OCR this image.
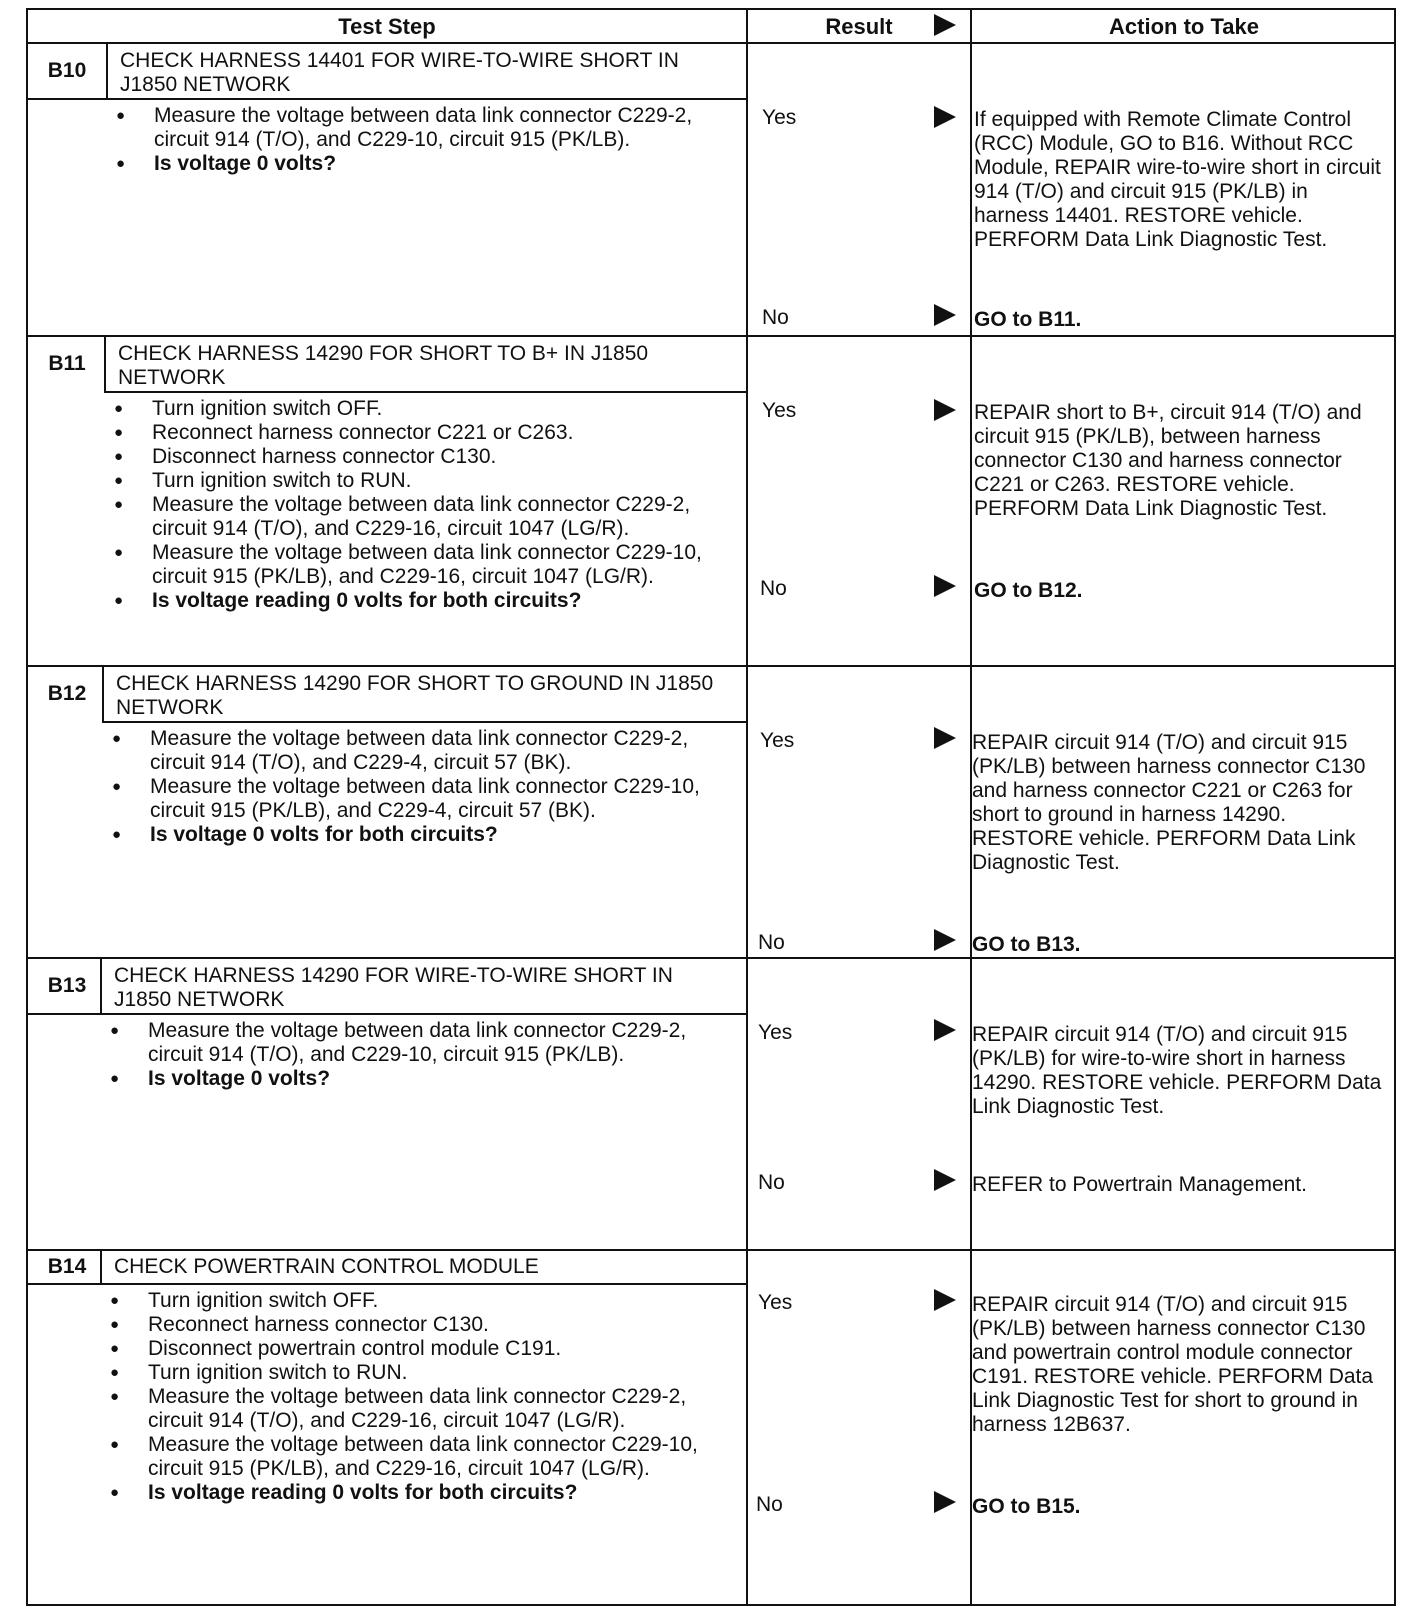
Test Step	Result	Action to Take
B10	CHECK HARNESS 14401 FOR WIRE-TO-WIRE SHORT IN J1850 NETWORK
● Measure the voltage between data link connector C229-2, circuit 914 (T/O), and C229-10, circuit 915 (PK/LB).
● Is voltage 0 volts?
Yes	If equipped with Remote Climate Control (RCC) Module, GO to B16. Without RCC Module, REPAIR wire-to-wire short in circuit 914 (T/O) and circuit 915 (PK/LB) in harness 14401. RESTORE vehicle. PERFORM Data Link Diagnostic Test.
No	GO to B11.
B11	CHECK HARNESS 14290 FOR SHORT TO B+ IN J1850 NETWORK
● Turn ignition switch OFF.
● Reconnect harness connector C221 or C263.
● Disconnect harness connector C130.
● Turn ignition switch to RUN.
● Measure the voltage between data link connector C229-2, circuit 914 (T/O), and C229-16, circuit 1047 (LG/R).
● Measure the voltage between data link connector C229-10, circuit 915 (PK/LB), and C229-16, circuit 1047 (LG/R).
● Is voltage reading 0 volts for both circuits?
Yes	REPAIR short to B+, circuit 914 (T/O) and circuit 915 (PK/LB), between harness connector C130 and harness connector C221 or C263. RESTORE vehicle. PERFORM Data Link Diagnostic Test.
No	GO to B12.
B12	CHECK HARNESS 14290 FOR SHORT TO GROUND IN J1850 NETWORK
● Measure the voltage between data link connector C229-2, circuit 914 (T/O), and C229-4, circuit 57 (BK).
● Measure the voltage between data link connector C229-10, circuit 915 (PK/LB), and C229-4, circuit 57 (BK).
● Is voltage 0 volts for both circuits?
Yes	REPAIR circuit 914 (T/O) and circuit 915 (PK/LB) between harness connector C130 and harness connector C221 or C263 for short to ground in harness 14290. RESTORE vehicle. PERFORM Data Link Diagnostic Test.
No	GO to B13.
B13	CHECK HARNESS 14290 FOR WIRE-TO-WIRE SHORT IN J1850 NETWORK
● Measure the voltage between data link connector C229-2, circuit 914 (T/O), and C229-10, circuit 915 (PK/LB).
● Is voltage 0 volts?
Yes	REPAIR circuit 914 (T/O) and circuit 915 (PK/LB) for wire-to-wire short in harness 14290. RESTORE vehicle. PERFORM Data Link Diagnostic Test.
No	REFER to Powertrain Management.
B14	CHECK POWERTRAIN CONTROL MODULE
● Turn ignition switch OFF.
● Reconnect harness connector C130.
● Disconnect powertrain control module C191.
● Turn ignition switch to RUN.
● Measure the voltage between data link connector C229-2, circuit 914 (T/O), and C229-16, circuit 1047 (LG/R).
● Measure the voltage between data link connector C229-10, circuit 915 (PK/LB), and C229-16, circuit 1047 (LG/R).
● Is voltage reading 0 volts for both circuits?
Yes	REPAIR circuit 914 (T/O) and circuit 915 (PK/LB) between harness connector C130 and powertrain control module connector C191. RESTORE vehicle. PERFORM Data Link Diagnostic Test for short to ground in harness 12B637.
No	GO to B15.
